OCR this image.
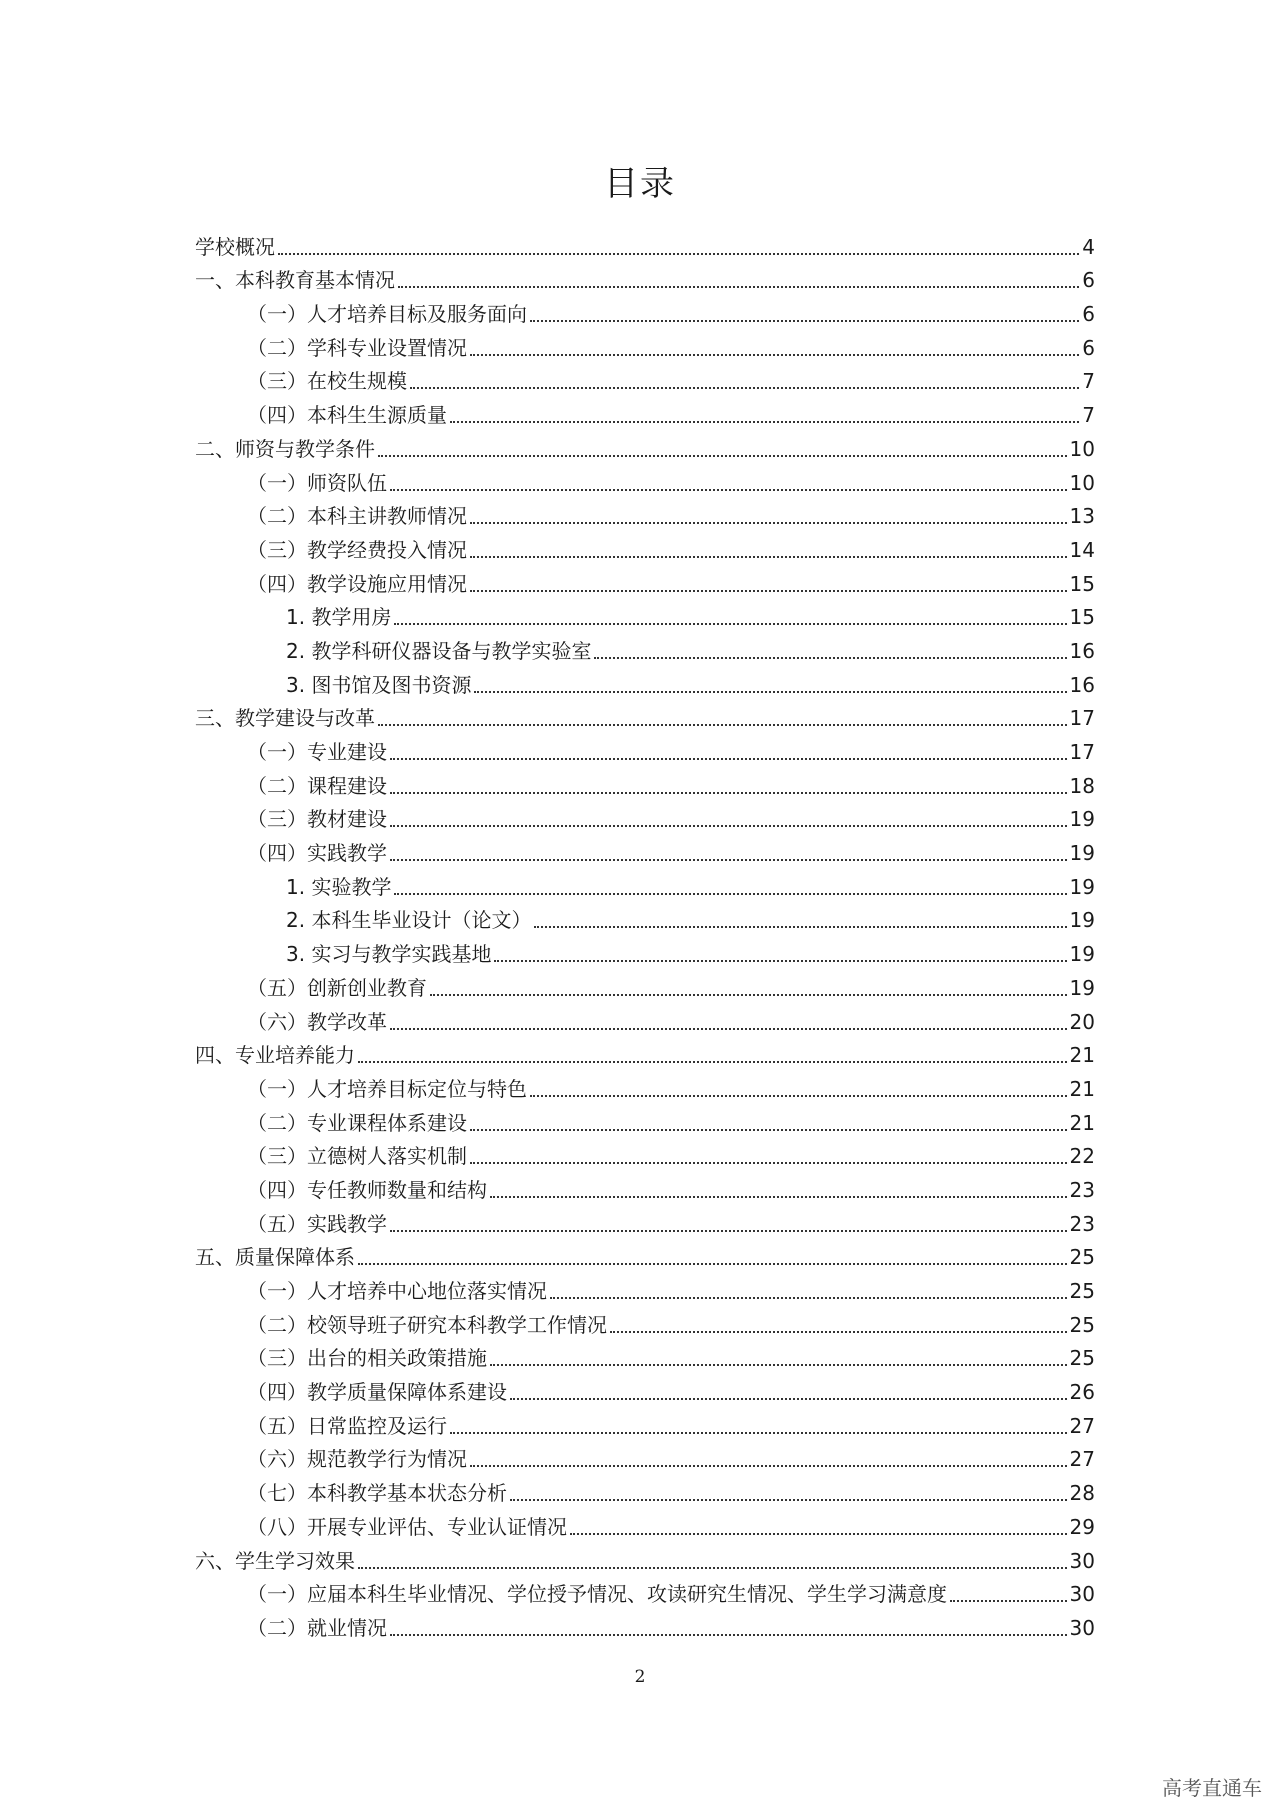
目录
学校概况	4
一、本科教育基本情况	6
（一）人才培养目标及服务面向	6
（二）学科专业设置情况	6
（三）在校生规模	7
（四）本科生生源质量	7
二、师资与教学条件	10
（一）师资队伍	10
（二）本科主讲教师情况	13
（三）教学经费投入情况	14
（四）教学设施应用情况	15
1. 教学用房	15
2. 教学科研仪器设备与教学实验室	16
3. 图书馆及图书资源	16
三、教学建设与改革	17
（一）专业建设	17
（二）课程建设	18
（三）教材建设	19
（四）实践教学	19
1. 实验教学	19
2. 本科生毕业设计（论文）	19
3. 实习与教学实践基地	19
（五）创新创业教育	19
（六）教学改革	20
四、专业培养能力	21
（一）人才培养目标定位与特色	21
（二）专业课程体系建设	21
（三）立德树人落实机制	22
（四）专任教师数量和结构	23
（五）实践教学	23
五、质量保障体系	25
（一）人才培养中心地位落实情况	25
（二）校领导班子研究本科教学工作情况	25
（三）出台的相关政策措施	25
（四）教学质量保障体系建设	26
（五）日常监控及运行	27
（六）规范教学行为情况	27
（七）本科教学基本状态分析	28
（八）开展专业评估、专业认证情况	29
六、学生学习效果	30
（一）应届本科生毕业情况、学位授予情况、攻读研究生情况、学生学习满意度	30
（二）就业情况	30
2
高考直通车
